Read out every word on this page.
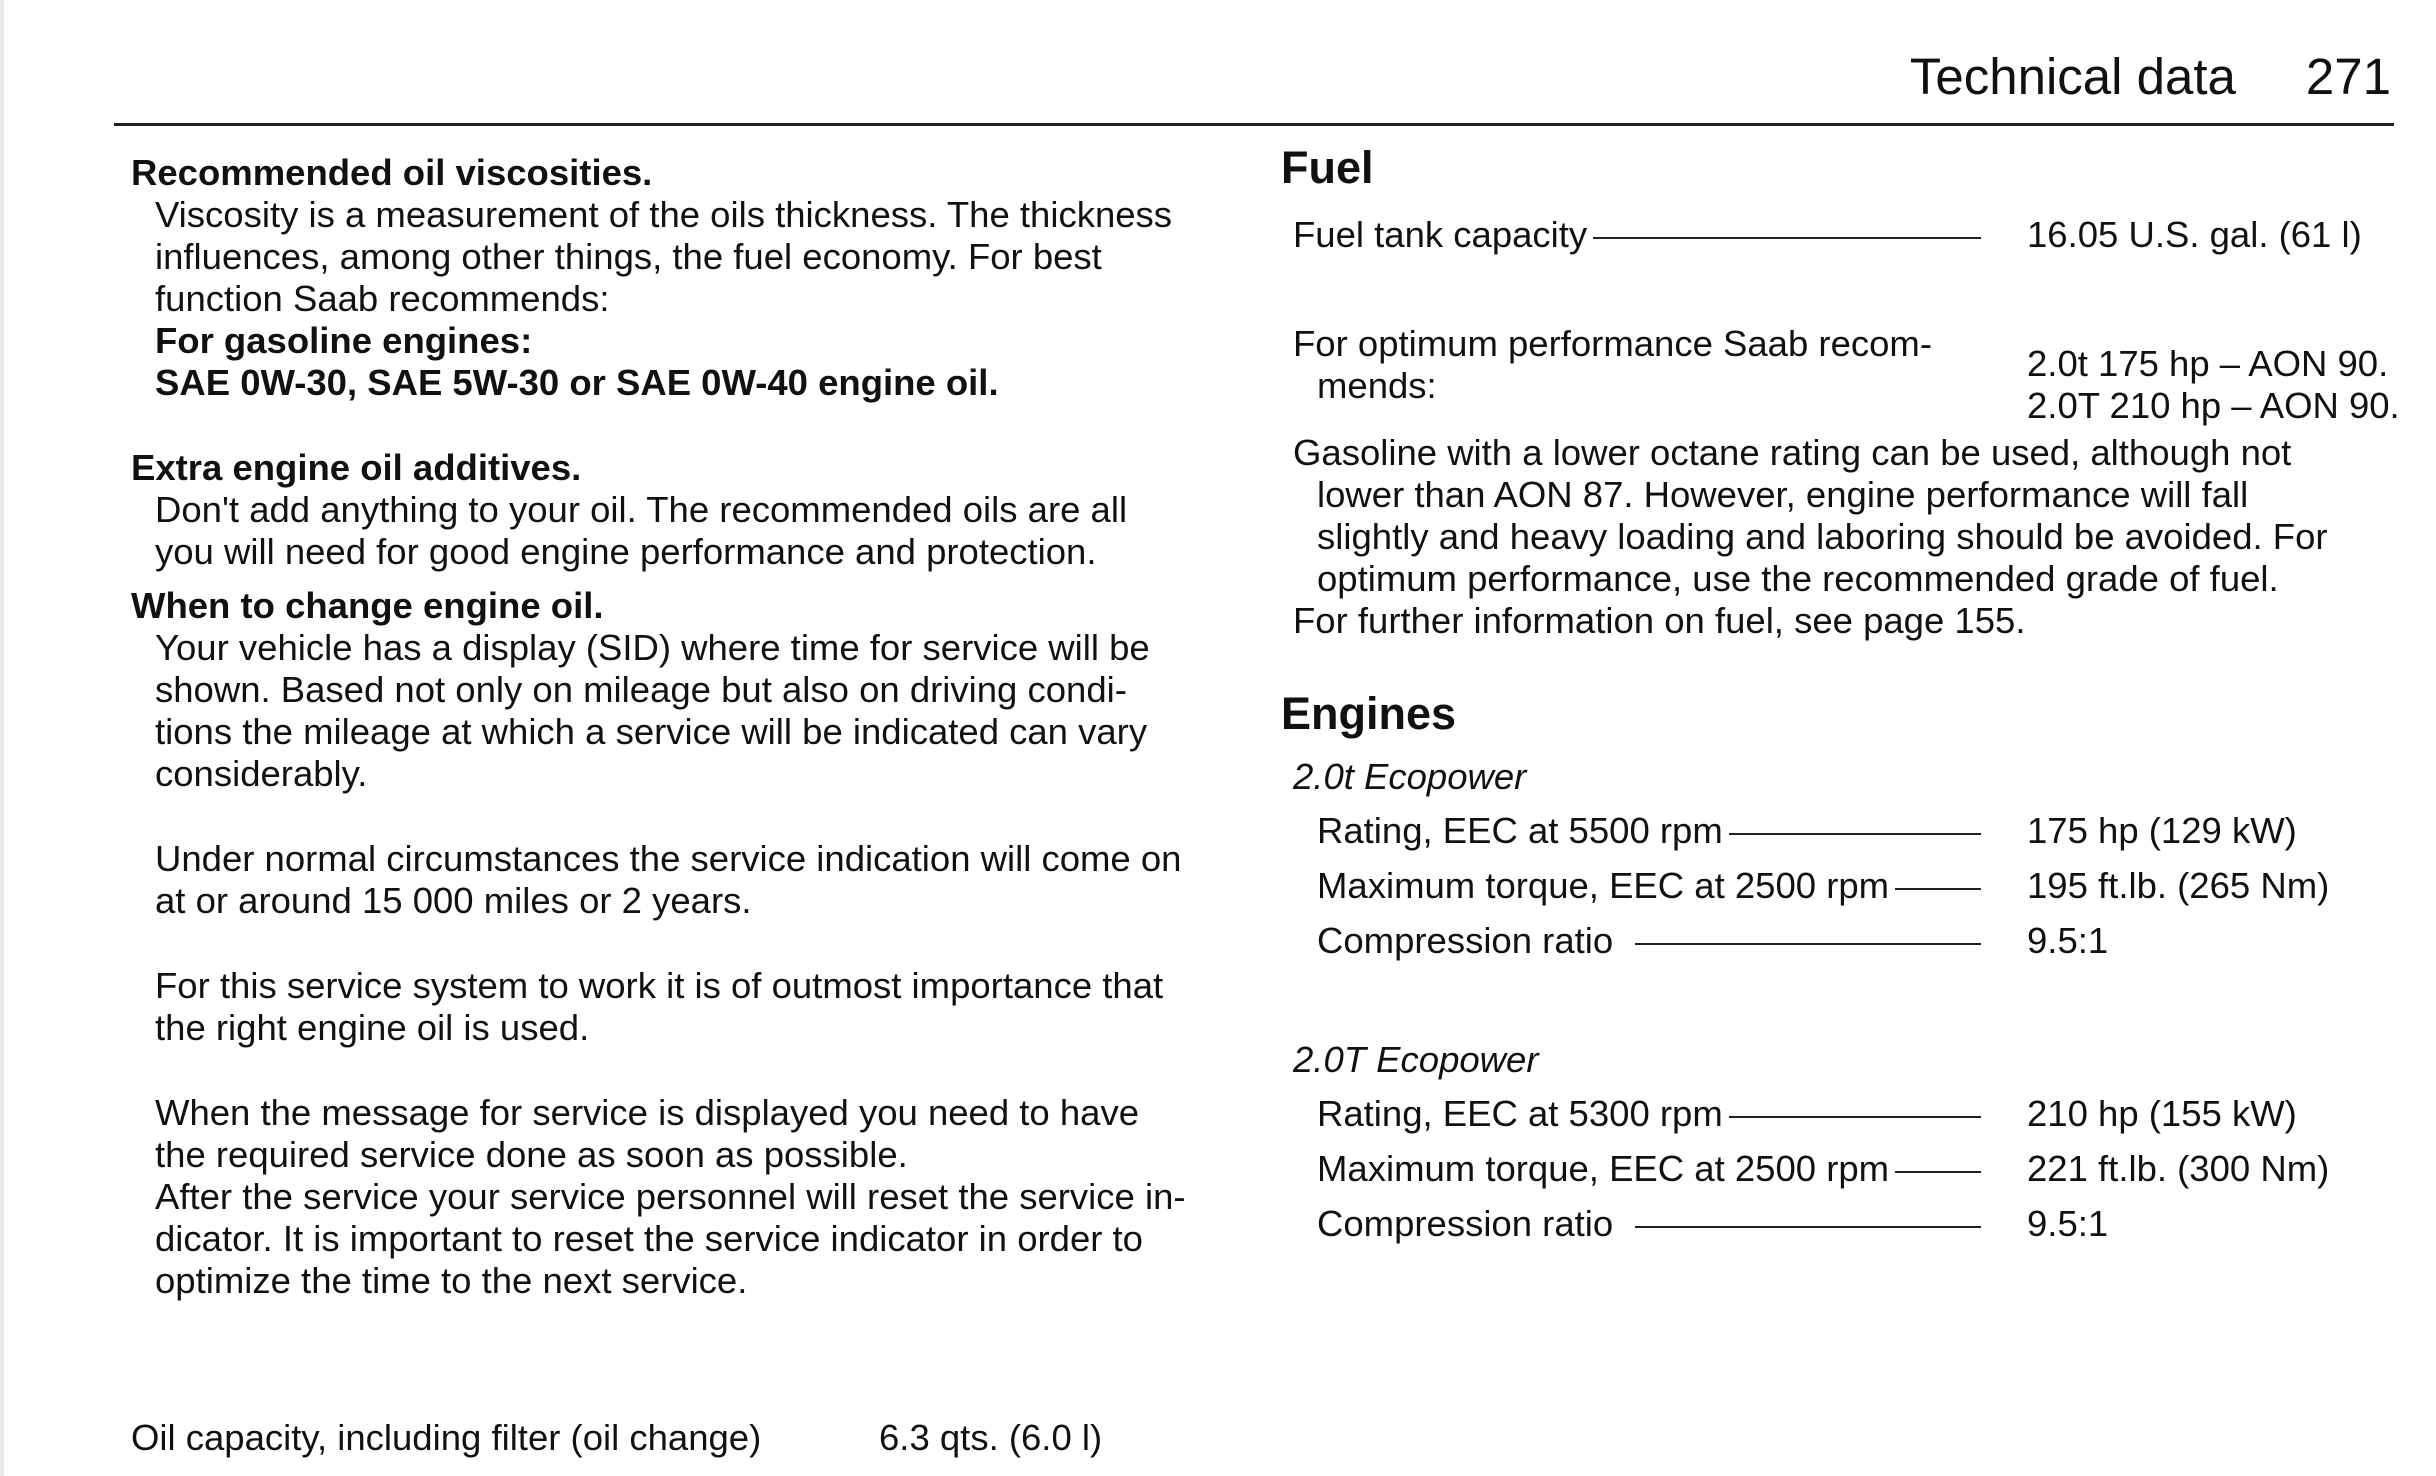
Technical data 271
Recommended oil viscosities.
Viscosity is a measurement of the oils thickness. The thickness
influences, among other things, the fuel economy. For best
function Saab recommends:
For gasoline engines:
SAE 0W-30, SAE 5W-30 or SAE 0W-40 engine oil.
Extra engine oil additives.
Don't add anything to your oil. The recommended oils are all
you will need for good engine performance and protection.
When to change engine oil.
Your vehicle has a display (SID) where time for service will be
shown. Based not only on mileage but also on driving condi-
tions the mileage at which a service will be indicated can vary
considerably.
Under normal circumstances the service indication will come on
at or around 15 000 miles or 2 years.
For this service system to work it is of outmost importance that
the right engine oil is used.
When the message for service is displayed you need to have
the required service done as soon as possible.
After the service your service personnel will reset the service in-
dicator. It is important to reset the service indicator in order to
optimize the time to the next service.
Oil capacity, including filter (oil change)	6.3 qts. (6.0 l)
Fuel
Fuel tank capacity	16.05 U.S. gal. (61 l)
For optimum performance Saab recom-
mends:
2.0t 175 hp – AON 90.
2.0T 210 hp – AON 90.
Gasoline with a lower octane rating can be used, although not
lower than AON 87. However, engine performance will fall
slightly and heavy loading and laboring should be avoided. For
optimum performance, use the recommended grade of fuel.
For further information on fuel, see page 155.
Engines
2.0t Ecopower
Rating, EEC at 5500 rpm	175 hp (129 kW)
Maximum torque, EEC at 2500 rpm	195 ft.lb. (265 Nm)
Compression ratio	9.5:1
2.0T Ecopower
Rating, EEC at 5300 rpm	210 hp (155 kW)
Maximum torque, EEC at 2500 rpm	221 ft.lb. (300 Nm)
Compression ratio	9.5:1
